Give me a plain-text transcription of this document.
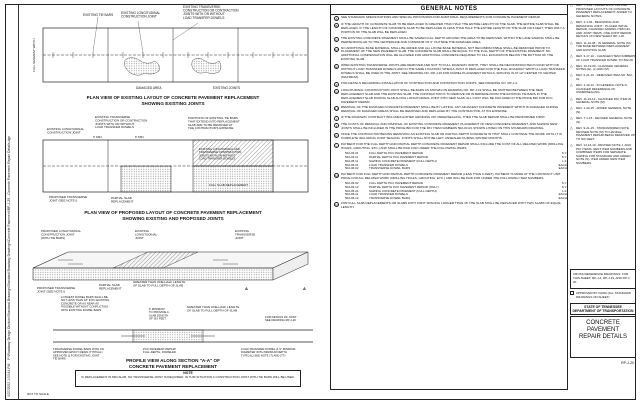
4/27/2022 1:33:44 PM    P:\Roadway Design Division\Standard Drawings\Standard Roadway Drawings\Concrete Pavement\RP-J-20 - Concrete Pavement Repair Details.dgn
EXISTING TIE BARS EXISTING LONGITUDINAL CONSTRUCTION JOINT
EXISTING TRANSVERSE CONSTRUCTION OR CONTRACTION JOINTS WITH OR WITHOUT LOAD TRANSFER DOWELS
DAMAGED AREA	EXISTING JOINTS
FULL SEGMENT WIDTH
PLAN VIEW OF EXISTING LAYOUT OF CONCRETE PAVEMENT REPLACEMENT
SHOWING EXISTING JOINTS
EXISTING LONGITUDINAL AND TRANSVERSE CONSTRUCTION JOINTS WITH OR WITHOUT LOAD TRANSFER DOWELS
FULL SLAB REPLACEMENT
EXISTING TRANSVERSE CONSTRUCTION OR CONTRACTION JOINTS WITH OR WITHOUT LOAD TRANSFER DOWELS
PORTIONS OF EXISTING TIE BARS THAT EXTEND INTO REPLACEMENT SLAB ARE TO BE REMOVED AT THE CONTRACTOR'S EXPENSE
EXISTING LONGITUDINAL CONSTRUCTION JOINT
6' MIN.	6' MIN.
PROPOSED TRANSVERSE JOINT (SEE NOTE I)
PARTIAL SLAB REPLACEMENT
PLAN VIEW OF PROPOSED LAYOUT OF CONCRETE PAVEMENT REPLACEMENT
SHOWING EXISTING AND PROPOSED JOINTS
PROPOSED LONGITUDINAL CONSTRUCTION JOINT (WITH TIE BARS)
EXISTING LONGITUDINAL JOINT
EXISTING TRANSVERSE JOINT
PROPOSED TRANSVERSE JOINT (SEE NOTE I)
PARTIAL SLAB REPLACEMENT
GREATER THAN ONE-HALF LENGTH OF SLAB TO FULL DEPTH OF SLAB
GREATER THAN ONE-HALF LENGTH OF SLAB TO FULL DEPTH OF SLAB
A	A
LONGEST DOWEL BARS SHALL BE NOT LESS THAN 18" INTO EXISTING CONCRETE OR AS NEAR AS POSSIBLE WITHOUT CONFLICTING WITH EXISTING DOWEL BARS
TRANSVERSE DOWEL BARS WITH AN APPROVED EPOXY RESIN (TYPICAL) SEE NOTE Q FOR EXISTING JOINT TIE BARS
6' MINIMUM TO PROVIDE A SLAB LENGTH OF SIX FEET
PCC PAVEMENT REPAIR FULL-DEPTH, DOWELED
LOAD TRANSFER DOWEL (1.5" MINIMUM DIAMETER WITH MINIMUM DEPTH TYPICAL) SEE NOTE (T) AND (TT)
FOR DETAILS OF JOINT SEE DRAWING RP-J-20
PROFILE VIEW ALONG SECTION "A-A" OF
CONCRETE PAVEMENT REPLACEMENT
NOTE
IF REPLACEMENT IN MID-SLAB, NO TRANSVERSE JOINT IS REQUIRED. IN THIS SITUATION A CONSTRUCTION JOINT WITH TIE BARS WILL BE USED.
NOT TO SCALE
GENERAL NOTES
A	SEE STANDARD SPECIFICATIONS AND SPECIAL PROVISIONS FOR ADDITIONAL REQUIREMENTS FOR CONCRETE PAVEMENT REPAIR.
B	IF THE LENGTH OF CONCRETE SLAB TO BE REPLACED IS GREATER THAN HALF THE ENTIRE LENGTH OF THE SLAB, THE ENTIRE SLAB SHALL BE REPLACED. IF THE LENGTH OF CONCRETE SLAB TO BE REPLACED IS LESS THAN HALF THE ENTIRE LENGTH OF THE SLAB OR 6 FEET, THEN ONLY A PORTION OF THE SLAB WILL BE REPLACED.
C	THE EXISTING CONCRETE PAVEMENT SHALL BE SAWED FULL DEPTH AROUND THE AREA TO BE REMOVED. WITHIN THE LANE SAWING SHALL BE PERPENDICULAR TO THE CENTERLINE AND A MINIMUM OF 6" OUTSIDE THE DAMAGED AREA.
D	NO ADDITIONAL BASE MATERIAL SHALL BE ADDED AND ALL LOOSE BASE MATERIAL NOT RECOMPACTABLE SHALL BE REMOVED PRIOR TO PLACEMENT OF THE NEW PAVEMENT SLAB. THE CONCRETE SLAB SHALL BE EQUAL TO THE FULL DEPTH OF THE EXISTING PAVEMENT. NO ADDITIONAL COMPENSATION WILL BE ALLOWED FOR ADDITIONAL CONCRETE REQUIRED TO FILL EXCAVATION BELOW THE BOTTOM OF THE EXISTING SLAB.
E	WHEN EXISTING TRANSVERSE JOINTS ARE REMOVED AND NOT TO FULL ROADWAY WIDTH, THEY SHALL BE RECONSTRUCTED IN KIND WITH OR WITHOUT LOAD TRANSFER DOWELS AND IN THE SAME LOCATION, WHEN A JOINT IS REPLACED FOR THE FULL ROADWAY WIDTH A LOAD TRANSFER DOWELS SHALL BE USED IN THE JOINT. SEE DRAWING NO. RP-J-20 FOR DOWEL PLACEMENT DETAILS. SPACING IS AT 12" CENTER TO CENTER (MAXIMUM).
F	FOR DETAILS REGARDING INSTALLATION OF CONTRACTION AND CONSTRUCTION JOINTS, SEE DRAWING NO. RP-J-4.
G	LONGITUDINAL CONSTRUCTION JOINT SHALL BE BARS AS SHOWN ON DRAWING NO. RP-J-19 SHALL BE OMITTED BETWEEN THE NEW REPLACEMENT SLAB AND THE EXISTING SLAB. THE CONTRACTOR IS TO REMOVE OR INTERFERE FROM THE EXISTING TIE BARS IN THE REPLACEMENT SLAB DURING SLAB ALONG LONGITUDINAL JOINT INTO NEW SLAB. ALL COST WILL BE INCLUDED IN THE PRICE BID FOR PCC PAVEMENT REPAIR.
H	REMOVAL OF THE DAMAGED CONCRETE PAVEMENT SHALL BE BY LIFTING. ANY ADJACENT CONCRETE PAVEMENT WHICH IS DAMAGED DURING REMOVAL OF DAMAGED AREAS SHALL BE REMOVED AND REPLACED BY THE CONTRACTOR, AT HIS EXPENSE.
I	IF THE ROADWAY CONTRACT INCLUDES EITHER GRINDING OR UNDERSEALING, THEN THE SLAB REPAIR SHALL BE PERFORMED FIRST.
J	THE COSTS OF REMOVAL AND DISPOSAL OF EXISTING CONCRETE PAVEMENT, PLACEMENT OF NEW CONCRETE PAVEMENT, AND SAWING NEW JOINTS SHALL BE INCLUDED IN THE PRICE BID FOR THE PAY ITEM NUMBERS 502-00 AS SHOWN LISTED ON THIS STANDARD DRAWING.
K	ONCE THE CONTRACTOR BEGINS REMOVING AN EXISTING SLAB OR PARTIAL DEPTH CONCRETE IN THAT SHALL CONTINUE THE WORK UNTIL IT IS COMPLETE INCLUDING JOINT SEALING. JOINTS SHALL NOT BE LEFT UNSEALED DURING WINTER MONTHS.
L	PAYMENT FOR THE FULL DEPTH AND PARTIAL DEPTH CONCRETE PAVEMENT REPAIR SHALL INCLUDE THE COST OF ALL RELATED WORK (DRILLING HOLES, GROUTING, ETC.) AND SHALL BE PAID FOR UNDER THE FOLLOWING ITEMS:
502-03.01	FULL DEPTH PCC PAVEMENT REPAIR	S.Y.
502-03.11	PARTIAL DEPTH PCC PAVEMENT REPAIR	S.Y.
502-05.11	SAWING CONCRETE PAVEMENT (FULL DEPTH)	L.F.
502-06.01	LOAD TRANSFER DOWELS	EACH
502-06.02	TRANSVERSE DOWEL BARS	EACH
M	PAYMENT FOR FULL DEPTH AND PARTIAL DEPTH CONCRETE PAVEMENT REPAIR (LESS THAN 6 FEET), PAYMENT IS MADE AT THE CONTRACT UNIT PRICE FOR ALL RELATED WORK (DRILLING HOLES, GROUTING, ETC.) AND WILL BE PAID FOR UNDER THE FOLLOWING ITEM NUMBERS:
502-03.02	FULL DEPTH PCC PAVEMENT REPAIR	S.Y.
502-03.12	PARTIAL DEPTH PCC PAVEMENT REPAIR (ONLY)	S.Y.
502-05.21	SAWING CONCRETE PAVEMENT (FULL DEPTH)	L.F.
502-06.11	LOAD TRANSFER DOWELS	EACH
502-06.12	TRANSVERSE DOWEL BARS	EACH
N	FOR FULL SLAB REPLACEMENTS OR SLABS WITH JOINT SPACING LONGER THAN 15' THE SLAB SHALL BE REPLACED WITH TWO SLABS OF EQUAL LENGTH.
△	REV. 7-1-04 - ADDED EXISTING AND PROPOSED LAYOUTS OF CONCRETE PAVEMENT REPLACEMENT. ADDED TO GENERAL NOTES.
△	REV. 4-1-06 - BEGINNING AND REMAINING JOINT - PLACED INITIAL REPAIR, CHANGED SAWING ITEM NO. AND JOINT ITEMS. ONE JOINT REPAIR DETAILS ON NEW SHEET RP-J-20.
△	REV. 11-10-08 - IN GENERAL NOTE (M) THE BASE BETWEEN REPLACEMENT AND EXISTING SLAB.
△	REV. 3-17-10 - CHANGED ITEM NUMBERS OF LOAD TRANSFER DOWEL TO 502-06.
△	REV. 10-19-09 - CHANGED GENERAL NOTES (E), (L) AND (M).
△	REV. 6-21-10 - REMOVED ITEM NO. 502-01.
△	REV. 1-19-12 - IN GENERAL NOTE D, CHANGED REFERENCE OF UNDERSEALING.
△	REV. 11-19-14 - CHANGED PAY ITEM IN GENERAL NOTE (M).
△	REV. 1-29-15 - ADDED GENERAL NOTE (N).
△	REV. 7-1-15 - REVISED GENERAL NOTE (N).
△	REV. 9-21-15 - STANDARDIZED NOTE. REVISED NOTE (M) TO HANDLE PAVEMENT REPAIR BEING REMOVED UP TO SIX FEET.
△	REV. 12-16-19 - REVISED NOTE J, ADD PAY ITEMS. SENT ITEM NUMBERS AND COMBINED ITEMS FOR SEPARATE SAWING FOR STANDARD AND ADDED NOTE (N), ITEM ADDED NEW ITEM NUMBERS.
CROSS REFERENCE DRAWINGS: FOR THIS SHEET: RP-J-4, RP-J-19, AND RP-J-20
APPROVED BY FHWA (ALL STANDARD DRAWINGS ON SHEET)
STATE OF TENNESSEE
DEPARTMENT OF TRANSPORTATION
CONCRETE
PAVEMENT
REPAIR DETAILS
RP-J-20
